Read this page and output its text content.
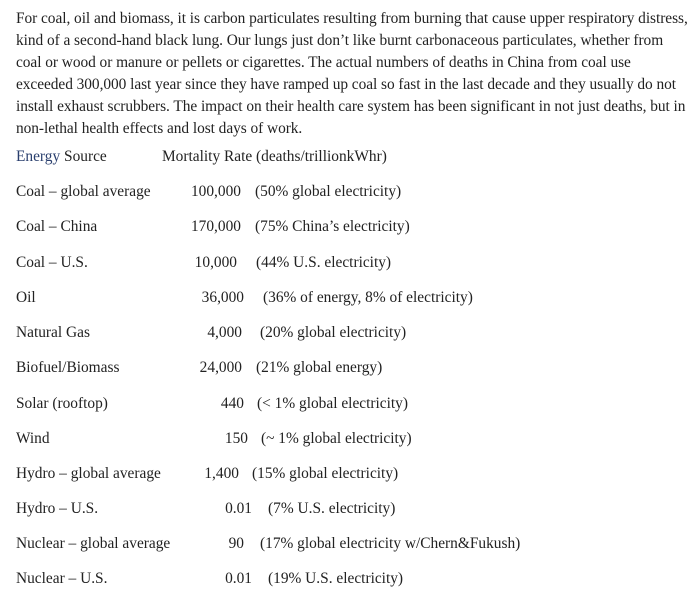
For coal, oil and biomass, it is carbon particulates resulting from burning that cause upper respiratory distress, kind of a second-hand black lung. Our lungs just don’t like burnt carbonaceous particulates, whether from coal or wood or manure or pellets or cigarettes. The actual numbers of deaths in China from coal use exceeded 300,000 last year since they have ramped up coal so fast in the last decade and they usually do not install exhaust scrubbers. The impact on their health care system has been significant in not just deaths, but in non-lethal health effects and lost days of work.

Energy Source	Mortality Rate (deaths/trillionkWhr)
Coal – global average	100,000 (50% global electricity)
Coal – China	170,000 (75% China’s electricity)
Coal – U.S.	10,000 (44% U.S. electricity)
Oil	36,000 (36% of energy, 8% of electricity)
Natural Gas	4,000 (20% global electricity)
Biofuel/Biomass	24,000 (21% global energy)
Solar (rooftop)	440 (< 1% global electricity)
Wind	150 (~ 1% global electricity)
Hydro – global average	1,400 (15% global electricity)
Hydro – U.S.	0.01 (7% U.S. electricity)
Nuclear – global average	90 (17% global electricity w/Chern&Fukush)
Nuclear – U.S.	0.01 (19% U.S. electricity)
